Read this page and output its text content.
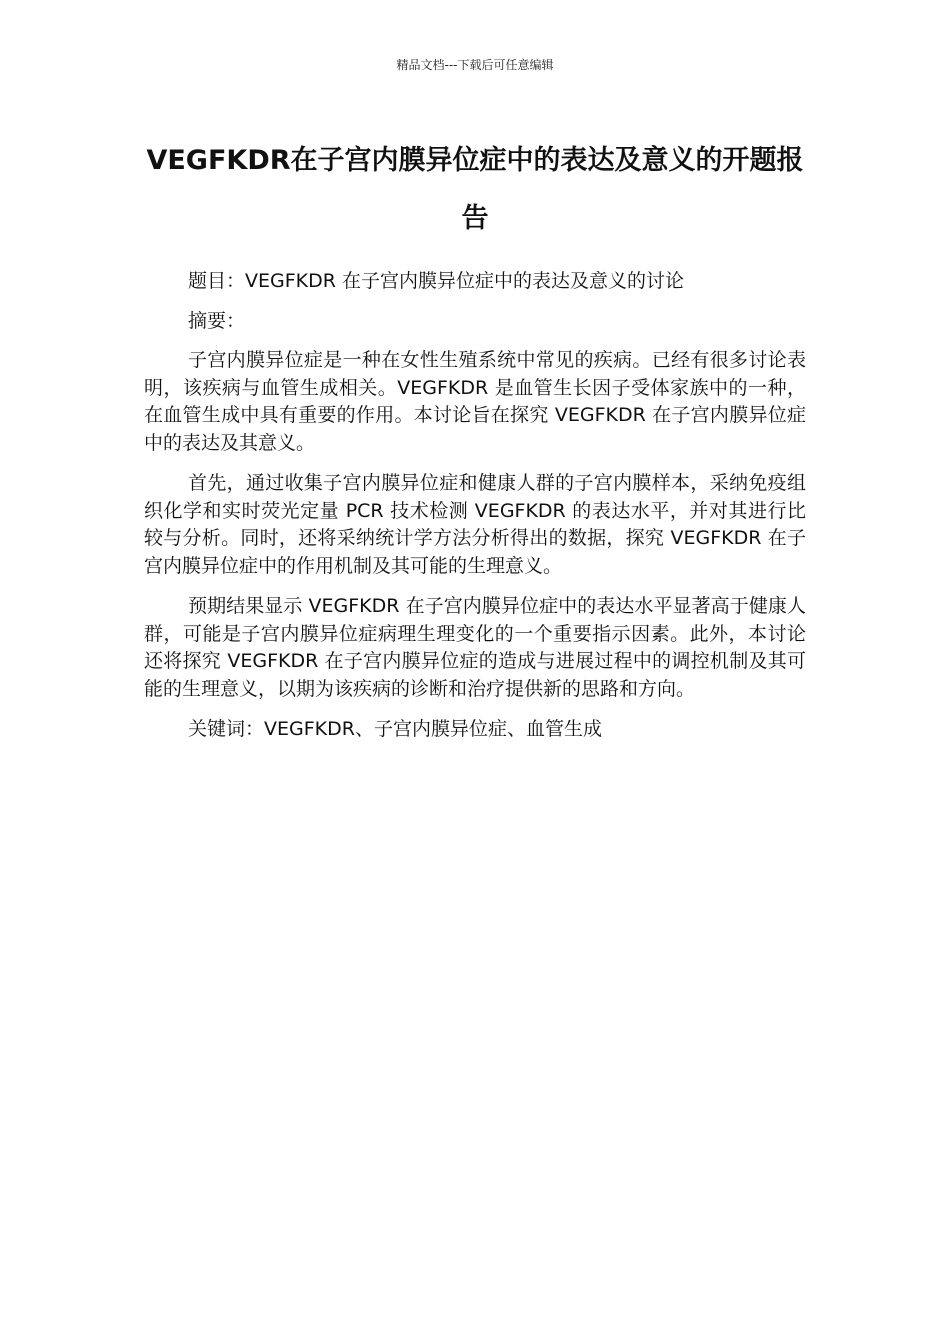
精品文档---下载后可任意编辑
VEGFKDR在子宫内膜异位症中的表达及意义的开题报告

题目：VEGFKDR 在子宫内膜异位症中的表达及意义的讨论

摘要：

子宫内膜异位症是一种在女性生殖系统中常见的疾病。已经有很多讨论表明，该疾病与血管生成相关。VEGFKDR 是血管生长因子受体家族中的一种，在血管生成中具有重要的作用。本讨论旨在探究 VEGFKDR 在子宫内膜异位症中的表达及其意义。

首先，通过收集子宫内膜异位症和健康人群的子宫内膜样本，采纳免疫组织化学和实时荧光定量 PCR 技术检测 VEGFKDR 的表达水平，并对其进行比较与分析。同时，还将采纳统计学方法分析得出的数据，探究 VEGFKDR 在子宫内膜异位症中的作用机制及其可能的生理意义。

预期结果显示 VEGFKDR 在子宫内膜异位症中的表达水平显著高于健康人群，可能是子宫内膜异位症病理生理变化的一个重要指示因素。此外，本讨论还将探究 VEGFKDR 在子宫内膜异位症的造成与进展过程中的调控机制及其可能的生理意义，以期为该疾病的诊断和治疗提供新的思路和方向。

关键词：VEGFKDR、子宫内膜异位症、血管生成
